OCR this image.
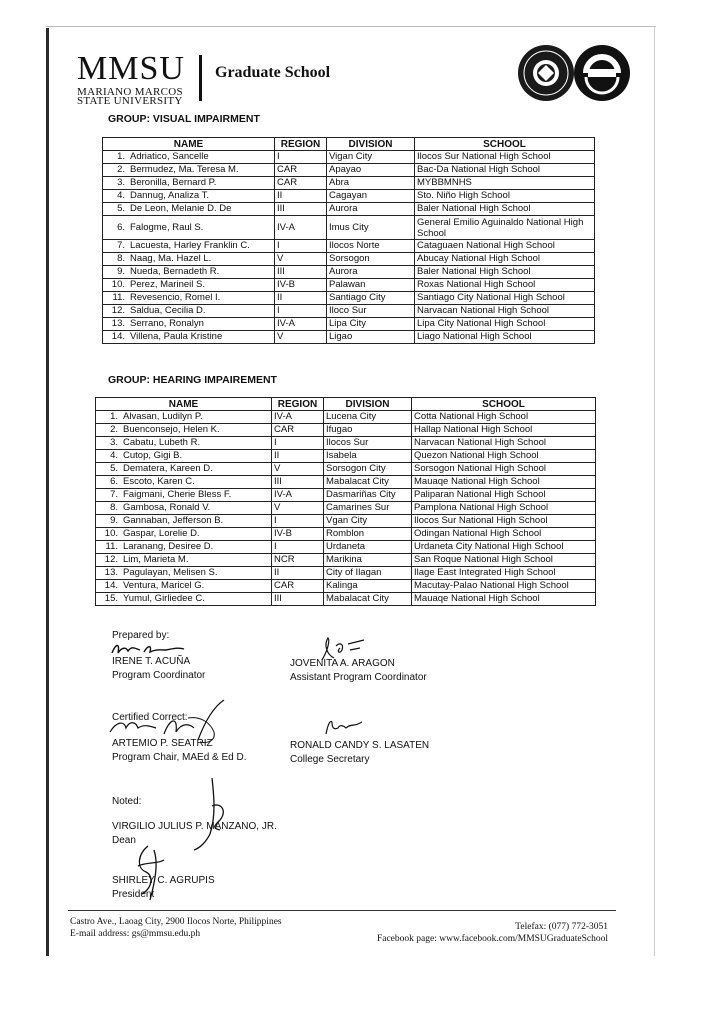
MMSU
MARIANO MARCOS
STATE UNIVERSITY
Graduate School
GROUP: VISUAL IMPAIRMENT
NAME	REGION	DIVISION	SCHOOL
1. Adriatico, Sancelle	I	Vigan City	Ilocos Sur National High School
2. Bermudez, Ma. Teresa M.	CAR	Apayao	Bac-Da National High School
3. Beronilla, Bernard P.	CAR	Abra	MYBBMNHS
4. Dannug, Analiza T.	II	Cagayan	Sto. Niño High School
5. De Leon, Melanie D. De	III	Aurora	Baler National High School
6. Falogme, Raul S.	IV-A	Imus City	General Emilio Aguinaldo National High School
7. Lacuesta, Harley Franklin C.	I	Ilocos Norte	Cataguaen National High School
8. Naag, Ma. Hazel L.	V	Sorsogon	Abucay National High School
9. Nueda, Bernadeth R.	III	Aurora	Baler National High School
10. Perez, Marineil S.	IV-B	Palawan	Roxas National High School
11. Revesencio, Romel I.	II	Santiago City	Santiago City National High School
12. Saldua, Cecilia D.	I	Iloco Sur	Narvacan National High School
13. Serrano, Ronalyn	IV-A	Lipa City	Lipa City National High School
14. Villena, Paula Kristine	V	Ligao	Liago National High School
GROUP: HEARING IMPAIREMENT
NAME	REGION	DIVISION	SCHOOL
1. Alvasan, Ludilyn P.	IV-A	Lucena City	Cotta National High School
2. Buenconsejo, Helen K.	CAR	Ifugao	Hallap National High School
3. Cabatu, Lubeth R.	I	Ilocos Sur	Narvacan National High School
4. Cutop, Gigi B.	II	Isabela	Quezon National High School
5. Dematera, Kareen D.	V	Sorsogon City	Sorsogon National High School
6. Escoto, Karen C.	III	Mabalacat City	Mauaqe National High School
7. Faigmani, Cherie Bless F.	IV-A	Dasmariñas City	Paliparan National High School
8. Gambosa, Ronald V.	V	Camarines Sur	Pamplona National High School
9. Gannaban, Jefferson B.	I	Vgan City	Ilocos Sur National High School
10. Gaspar, Lorelie D.	IV-B	Romblon	Odingan National High School
11. Laranang, Desiree D.	I	Urdaneta	Urdaneta City National High School
12. Lim, Marieta M.	NCR	Marikina	San Roque National High School
13. Pagulayan, Melisen S.	II	City of Ilagan	Ilage East Integrated High School
14. Ventura, Maricel G.	CAR	Kalinga	Macutay-Palao National High School
15. Yumul, Girliedee C.	III	Mabalacat City	Mauaqe National High School
Prepared by:
IRENE T. ACUÑA
Program Coordinator
JOVENITA A. ARAGON
Assistant Program Coordinator
Certified Correct:
ARTEMIO P. SEATRIZ
Program Chair, MAEd & Ed D.
RONALD CANDY S. LASATEN
College Secretary
Noted:
VIRGILIO JULIUS P. MANZANO, JR.
Dean
SHIRLEY C. AGRUPIS
President
Castro Ave., Laoag City, 2900 Ilocos Norte, Philippines
E-mail address: gs@mmsu.edu.ph
Telefax: (077) 772-3051
Facebook page: www.facebook.com/MMSUGraduateSchool
